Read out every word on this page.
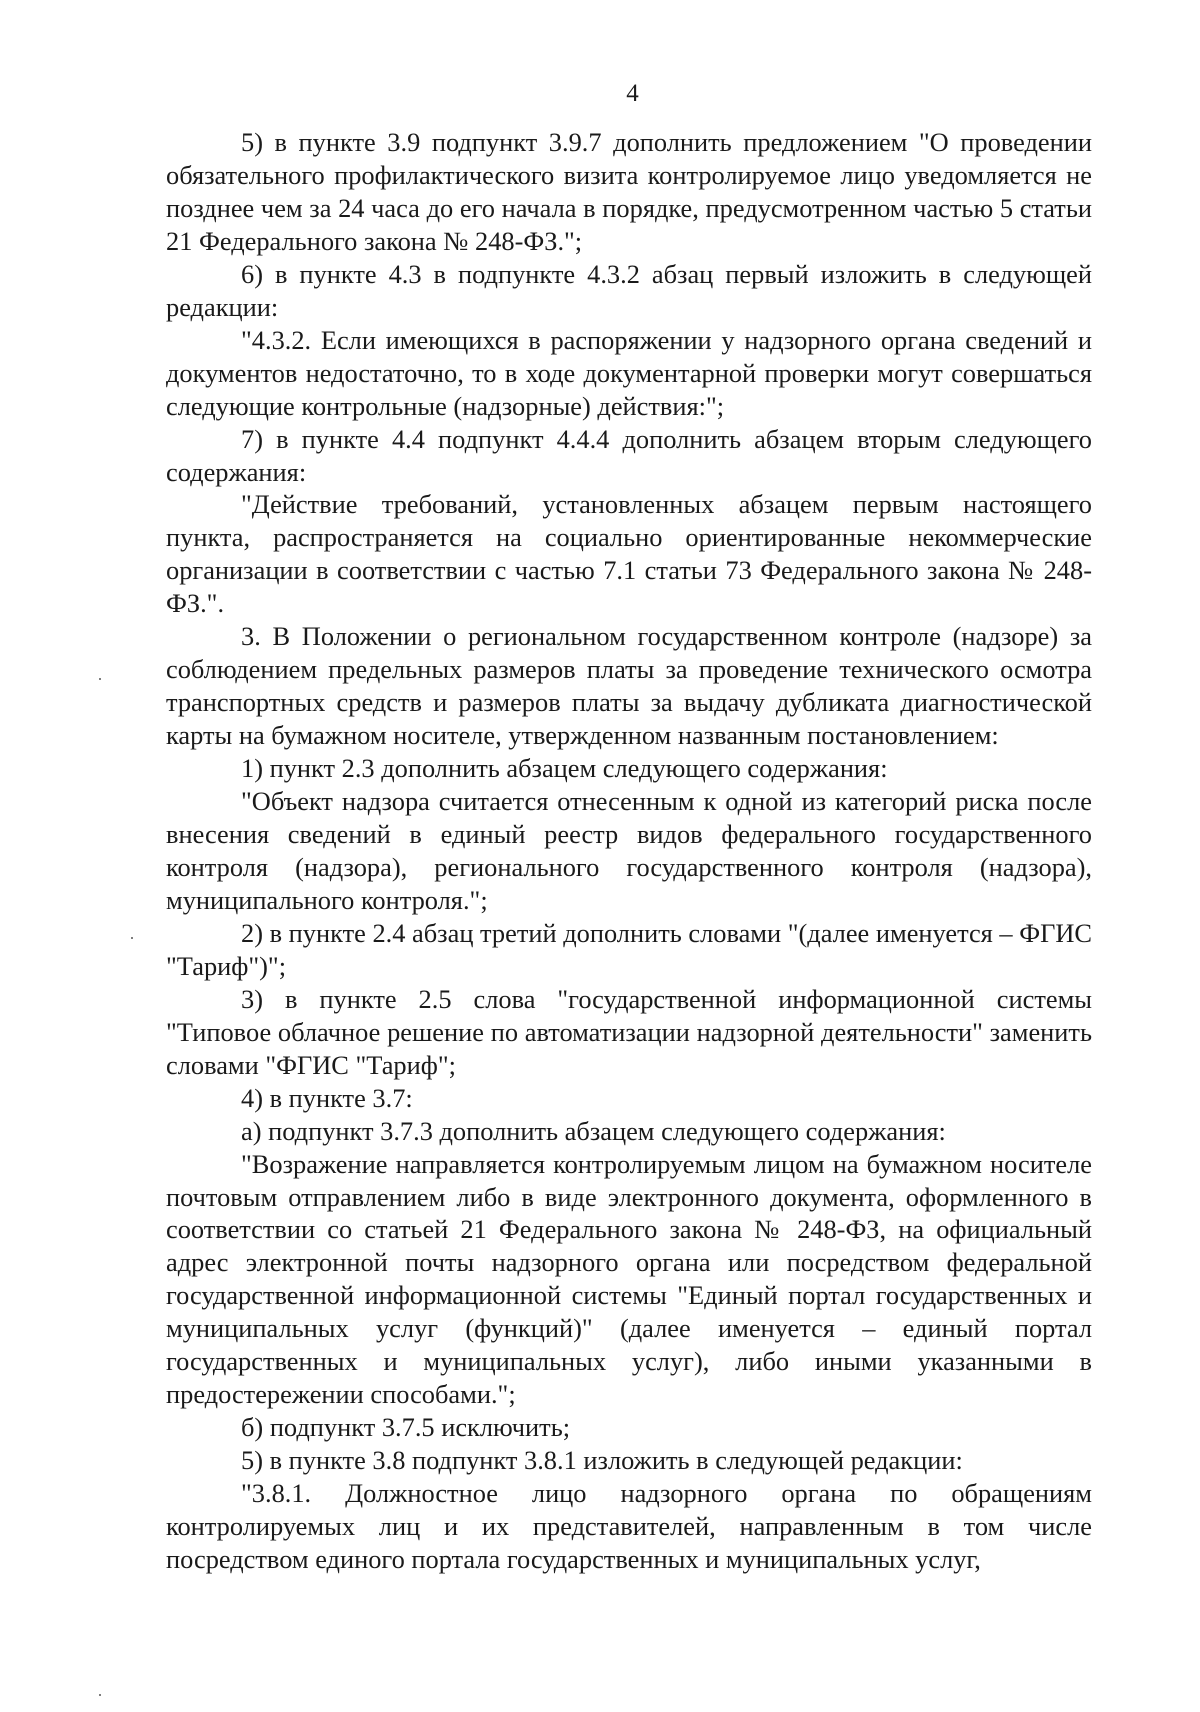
4

5) в пункте 3.9 подпункт 3.9.7 дополнить предложением "О проведении обязательного профилактического визита контролируемое лицо уведомляется не позднее чем за 24 часа до его начала в порядке, предусмотренном частью 5 статьи 21 Федерального закона № 248-ФЗ.";

6) в пункте 4.3 в подпункте 4.3.2 абзац первый изложить в следующей редакции:

"4.3.2. Если имеющихся в распоряжении у надзорного органа сведений и документов недостаточно, то в ходе документарной проверки могут совершаться следующие контрольные (надзорные) действия:";

7) в пункте 4.4 подпункт 4.4.4 дополнить абзацем вторым следующего содержания:

"Действие требований, установленных абзацем первым настоящего пункта, распространяется на социально ориентированные некоммерческие организации в соответствии с частью 7.1 статьи 73 Федерального закона № 248-ФЗ.".

3. В Положении о региональном государственном контроле (надзоре) за соблюдением предельных размеров платы за проведение технического осмотра транспортных средств и размеров платы за выдачу дубликата диагностической карты на бумажном носителе, утвержденном названным постановлением:

1) пункт 2.3 дополнить абзацем следующего содержания:

"Объект надзора считается отнесенным к одной из категорий риска после внесения сведений в единый реестр видов федерального государственного контроля (надзора), регионального государственного контроля (надзора), муниципального контроля.";

2) в пункте 2.4 абзац третий дополнить словами "(далее именуется – ФГИС "Тариф")";

3) в пункте 2.5 слова "государственной информационной системы "Типовое облачное решение по автоматизации надзорной деятельности" заменить словами "ФГИС "Тариф";

4) в пункте 3.7:

а) подпункт 3.7.3 дополнить абзацем следующего содержания:

"Возражение направляется контролируемым лицом на бумажном носителе почтовым отправлением либо в виде электронного документа, оформленного в соответствии со статьей 21 Федерального закона № 248-ФЗ, на официальный адрес электронной почты надзорного органа или посредством федеральной государственной информационной системы "Единый портал государственных и муниципальных услуг (функций)" (далее именуется – единый портал государственных и муниципальных услуг), либо иными указанными в предостережении способами.";

б) подпункт 3.7.5 исключить;

5) в пункте 3.8 подпункт 3.8.1 изложить в следующей редакции:

"3.8.1. Должностное лицо надзорного органа по обращениям контролируемых лиц и их представителей, направленным в том числе посредством единого портала государственных и муниципальных услуг,
